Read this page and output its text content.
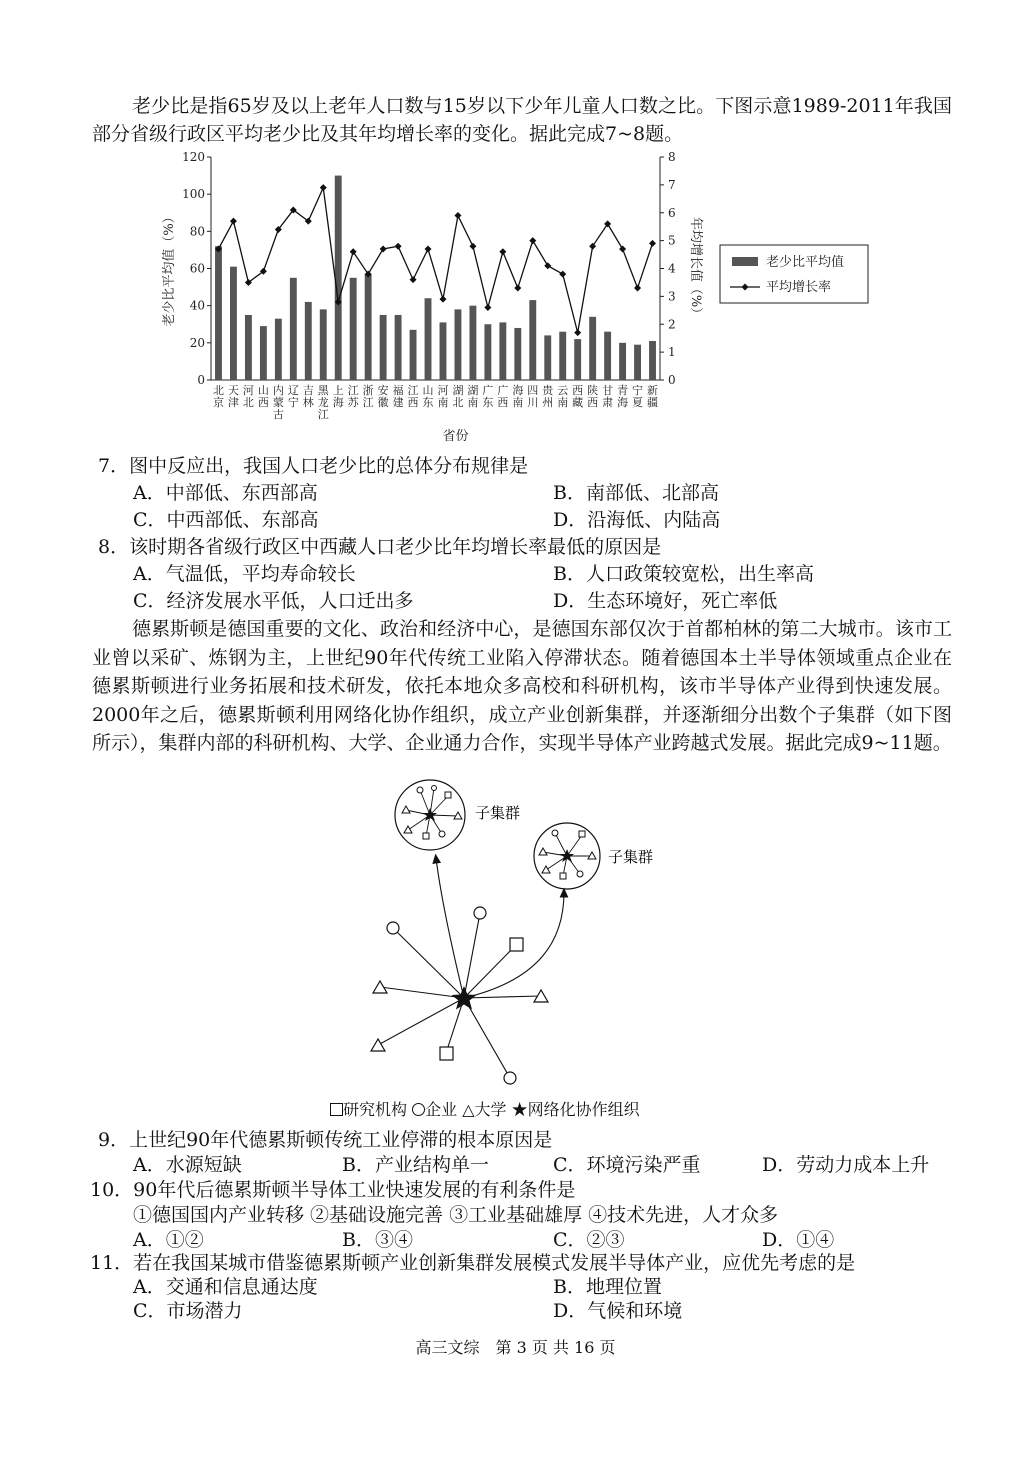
老少比是指65岁及以上老年人口数与15岁以下少年儿童人口数之比。下图示意1989-2011年我国部分省级行政区平均老少比及其年均增长率的变化。据此完成7~8题。

0
20
40
60
80
100
120
0
1
2
3
4
5
6
7
8
北
京
天
津
河
北
山
西
内
蒙
古
辽
宁
吉
林
黑
龙
江
上
海
江
苏
浙
江
安
徽
福
建
江
西
山
东
河
南
湖
北
湖
南
广
东
广
西
海
南
四
川
贵
州
云
南
西
藏
陕
西
甘
肃
青
海
宁
夏
新
疆
省份
老少比平均值（%）	年均增长值（%）	老少比平均值
平均增长率
7．图中反应出，我国人口老少比的总体分布规律是
A．中部低、东西部高	B．南部低、北部高
C．中西部低、东部高	D．沿海低、内陆高
8．该时期各省级行政区中西藏人口老少比年均增长率最低的原因是
A．气温低，平均寿命较长	B．人口政策较宽松，出生率高
C．经济发展水平低，人口迁出多	D．生态环境好，死亡率低

德累斯顿是德国重要的文化、政治和经济中心，是德国东部仅次于首都柏林的第二大城市。该市工业曾以采矿、炼钢为主，上世纪90年代传统工业陷入停滞状态。随着德国本土半导体领域重点企业在德累斯顿进行业务拓展和技术研发，依托本地众多高校和科研机构，该市半导体产业得到快速发展。2000年之后，德累斯顿利用网络化协作组织，成立产业创新集群，并逐渐细分出数个子集群（如下图所示），集群内部的科研机构、大学、企业通力合作，实现半导体产业跨越式发展。据此完成9~11题。

子集群
子集群
研究机构 企业 △大学 ★网络化协作组织
9．上世纪90年代德累斯顿传统工业停滞的根本原因是
A．水源短缺	B．产业结构单一	C．环境污染严重	D．劳动力成本上升
10．90年代后德累斯顿半导体工业快速发展的有利条件是
①德国国内产业转移 ②基础设施完善 ③工业基础雄厚 ④技术先进，人才众多
A．①②	B．③④	C．②③	D．①④
11．若在我国某城市借鉴德累斯顿产业创新集群发展模式发展半导体产业，应优先考虑的是
A．交通和信息通达度	B．地理位置
C．市场潜力	D．气候和环境
高三文综　第 3 页 共 16 页
